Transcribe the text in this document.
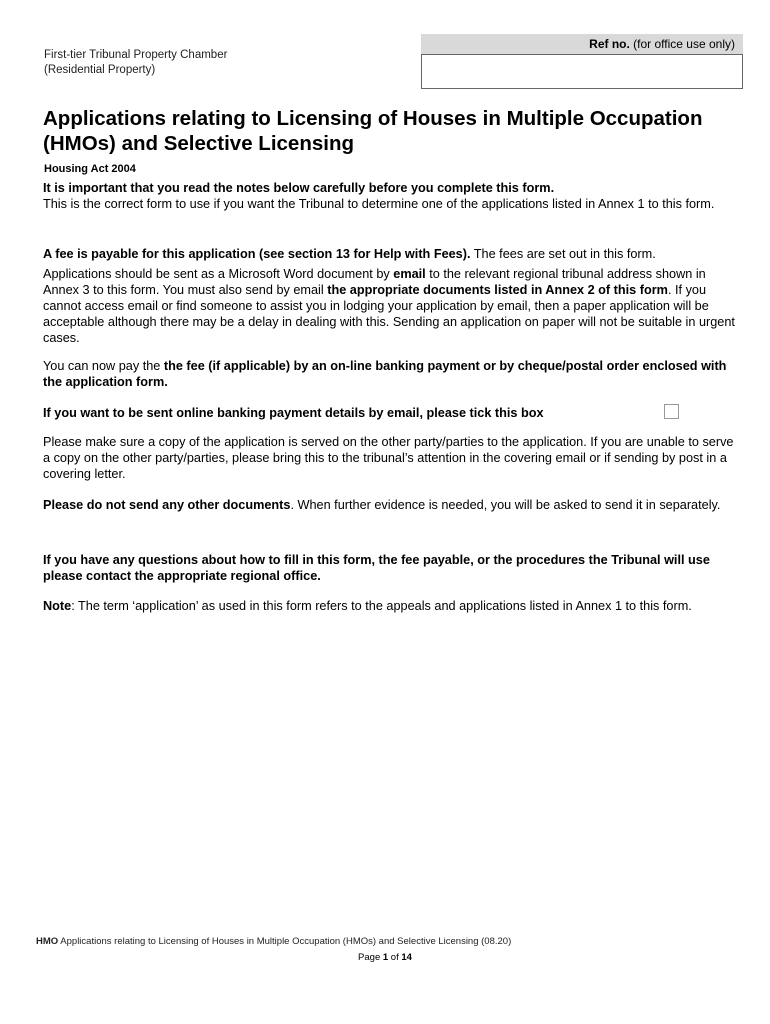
First-tier Tribunal Property Chamber
(Residential Property)
Ref no. (for office use only)
Applications relating to Licensing of Houses in Multiple Occupation (HMOs) and Selective Licensing
Housing Act 2004

It is important that you read the notes below carefully before you complete this form.
This is the correct form to use if you want the Tribunal to determine one of the applications listed in Annex 1 to this form.

A fee is payable for this application (see section 13 for Help with Fees). The fees are set out in this form.

Applications should be sent as a Microsoft Word document by email to the relevant regional tribunal address shown in Annex 3 to this form. You must also send by email the appropriate documents listed in Annex 2 of this form. If you cannot access email or find someone to assist you in lodging your application by email, then a paper application will be acceptable although there may be a delay in dealing with this. Sending an application on paper will not be suitable in urgent cases.

You can now pay the the fee (if applicable) by an on-line banking payment or by cheque/postal order enclosed with the application form.

If you want to be sent online banking payment details by email, please tick this box

Please make sure a copy of the application is served on the other party/parties to the application. If you are unable to serve a copy on the other party/parties, please bring this to the tribunal’s attention in the covering email or if sending by post in a covering letter.

Please do not send any other documents. When further evidence is needed, you will be asked to send it in separately.

If you have any questions about how to fill in this form, the fee payable, or the procedures the Tribunal will use please contact the appropriate regional office.

Note: The term ‘application’ as used in this form refers to the appeals and applications listed in Annex 1 to this form.

HMO Applications relating to Licensing of Houses in Multiple Occupation (HMOs) and Selective Licensing (08.20)
Page 1 of 14
